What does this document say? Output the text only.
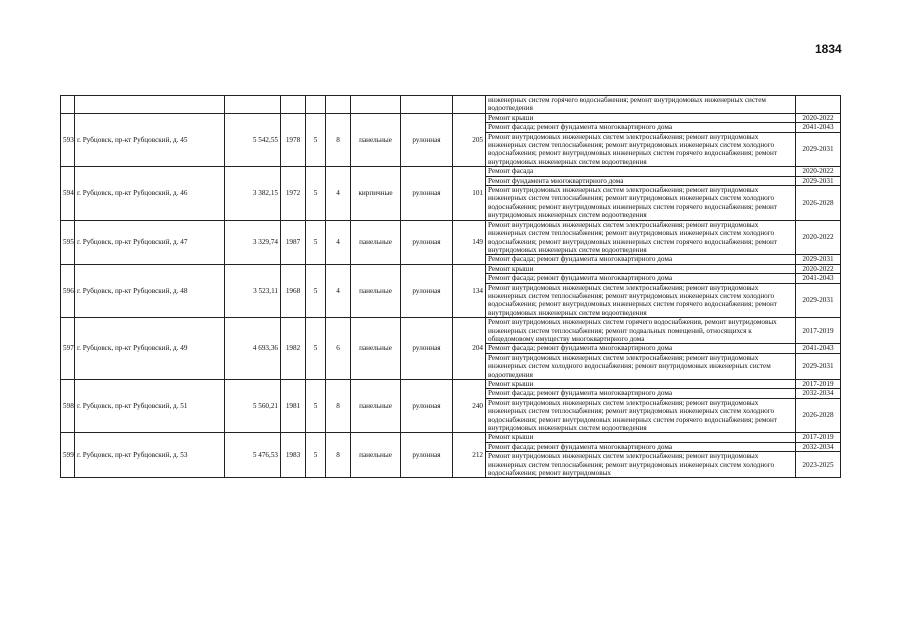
1834
									инженерных систем горячего водоснабжения; ремонт внутридомовых инженерных систем водоотведения	
593	г. Рубцовск, пр-кт Рубцовский, д. 45	5 542,55	1978	5	8	панельные	рулонная	205	Ремонт крыши	2020-2022
									Ремонт фасада; ремонт фундамента многоквартирного дома	2041-2043
									Ремонт внутридомовых инженерных систем электроснабжения; ремонт внутридомовых инженерных систем теплоснабжения; ремонт внутридомовых инженерных систем холодного водоснабжения; ремонт внутридомовых инженерных систем горячего водоснабжения; ремонт внутридомовых инженерных систем водоотведения	2029-2031
594	г. Рубцовск, пр-кт Рубцовский, д. 46	3 382,15	1972	5	4	кирпичные	рулонная	101	Ремонт фасада	2020-2022
									Ремонт фундамента многоквартирного дома	2029-2031
									Ремонт внутридомовых инженерных систем электроснабжения; ремонт внутридомовых инженерных систем теплоснабжения; ремонт внутридомовых инженерных систем холодного водоснабжения; ремонт внутридомовых инженерных систем горячего водоснабжения; ремонт внутридомовых инженерных систем водоотведения	2026-2028
595	г. Рубцовск, пр-кт Рубцовский, д. 47	3 329,74	1987	5	4	панельные	рулонная	149	Ремонт внутридомовых инженерных систем электроснабжения; ремонт внутридомовых инженерных систем теплоснабжения; ремонт внутридомовых инженерных систем холодного водоснабжения; ремонт внутридомовых инженерных систем горячего водоснабжения; ремонт внутридомовых инженерных систем водоотведения	2020-2022
									Ремонт фасада; ремонт фундамента многоквартирного дома	2029-2031
596	г. Рубцовск, пр-кт Рубцовский, д. 48	3 523,11	1968	5	4	панельные	рулонная	134	Ремонт крыши	2020-2022
									Ремонт фасада; ремонт фундамента многоквартирного дома	2041-2043
									Ремонт внутридомовых инженерных систем электроснабжения; ремонт внутридомовых инженерных систем теплоснабжения; ремонт внутридомовых инженерных систем холодного водоснабжения; ремонт внутридомовых инженерных систем горячего водоснабжения; ремонт внутридомовых инженерных систем водоотведения	2029-2031
597	г. Рубцовск, пр-кт Рубцовский, д. 49	4 693,36	1982	5	6	панельные	рулонная	204	Ремонт внутридомовых инженерных систем горячего водоснабжения, ремонт внутридомовых инженерных систем теплоснабжения; ремонт подвальных помещений, относящихся к общедомовому имуществу многоквартирного дома	2017-2019
									Ремонт фасада; ремонт фундамента многоквартирного дома	2041-2043
									Ремонт внутридомовых инженерных систем электроснабжения; ремонт внутридомовых инженерных систем холодного водоснабжения; ремонт внутридомовых инженерных систем водоотведения	2029-2031
598	г. Рубцовск, пр-кт Рубцовский, д. 51	5 560,21	1981	5	8	панельные	рулонная	240	Ремонт крыши	2017-2019
									Ремонт фасада; ремонт фундамента многоквартирного дома	2032-2034
									Ремонт внутридомовых инженерных систем электроснабжения; ремонт внутридомовых инженерных систем теплоснабжения; ремонт внутридомовых инженерных систем холодного водоснабжения; ремонт внутридомовых инженерных систем горячего водоснабжения; ремонт внутридомовых инженерных систем водоотведения	2026-2028
599	г. Рубцовск, пр-кт Рубцовский, д. 53	5 476,53	1983	5	8	панельные	рулонная	212	Ремонт крыши	2017-2019
									Ремонт фасада; ремонт фундамента многоквартирного дома	2032-2034
									Ремонт внутридомовых инженерных систем электроснабжения; ремонт внутридомовых инженерных систем теплоснабжения; ремонт внутридомовых инженерных систем холодного водоснабжения; ремонт внутридомовых	2023-2025
